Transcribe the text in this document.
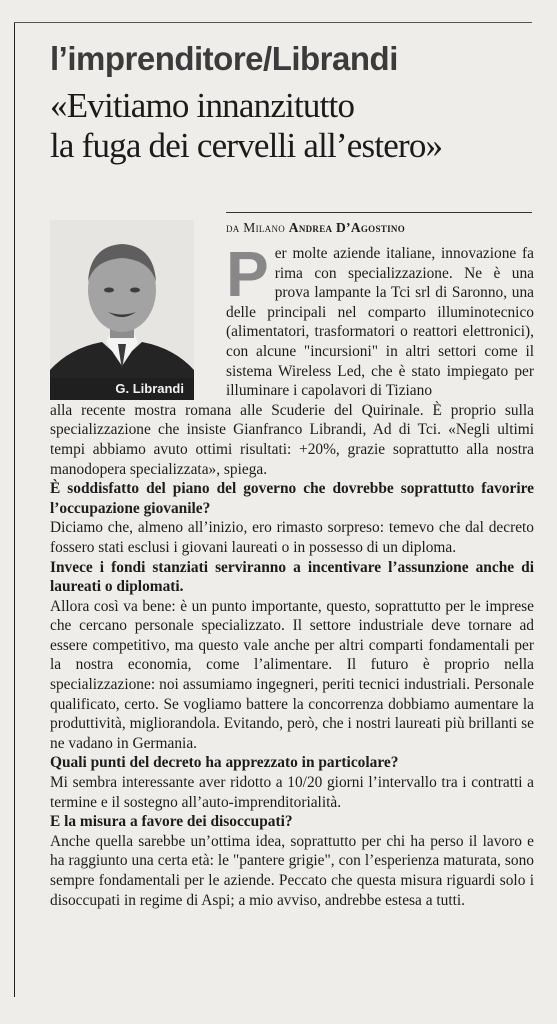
l’imprenditore/Librandi
«Evitiamo innanzitutto
la fuga dei cervelli all’estero»
da Milano Andrea D’Agostino
G. Librandi

Per molte aziende italiane, innovazione fa rima con specializzazione. Ne è una prova lampante la Tci srl di Saronno, una delle principali nel comparto illuminotecnico (alimentatori, trasformatori o reattori elettronici), con alcune "incursioni" in altri settori come il sistema Wireless Led, che è stato impiegato per illuminare i capolavori di Tiziano

alla recente mostra romana alle Scuderie del Quirinale. È proprio sulla specializzazione che insiste Gianfranco Librandi, Ad di Tci. «Negli ultimi tempi abbiamo avuto ottimi risultati: +20%, grazie soprattutto alla nostra manodopera specializzata», spiega.

È soddisfatto del piano del governo che dovrebbe soprattutto favorire l’occupazione giovanile?

Diciamo che, almeno all’inizio, ero rimasto sorpreso: temevo che dal decreto fossero stati esclusi i giovani laureati o in possesso di un diploma.

Invece i fondi stanziati serviranno a incentivare l’assunzione anche di laureati o diplomati.

Allora così va bene: è un punto importante, questo, soprattutto per le imprese che cercano personale specializzato. Il settore industriale deve tornare ad essere competitivo, ma questo vale anche per altri comparti fondamentali per la nostra economia, come l’alimentare. Il futuro è proprio nella specializzazione: noi assumiamo ingegneri, periti tecnici industriali. Personale qualificato, certo. Se vogliamo battere la concorrenza dobbiamo aumentare la produttività, migliorandola. Evitando, però, che i nostri laureati più brillanti se ne vadano in Germania.

Quali punti del decreto ha apprezzato in particolare?

Mi sembra interessante aver ridotto a 10/20 giorni l’intervallo tra i contratti a termine e il sostegno all’auto-imprenditorialità.

E la misura a favore dei disoccupati?

Anche quella sarebbe un’ottima idea, soprattutto per chi ha perso il lavoro e ha raggiunto una certa età: le "pantere grigie", con l’esperienza maturata, sono sempre fondamentali per le aziende. Peccato che questa misura riguardi solo i disoccupati in regime di Aspi; a mio avviso, andrebbe estesa a tutti.
